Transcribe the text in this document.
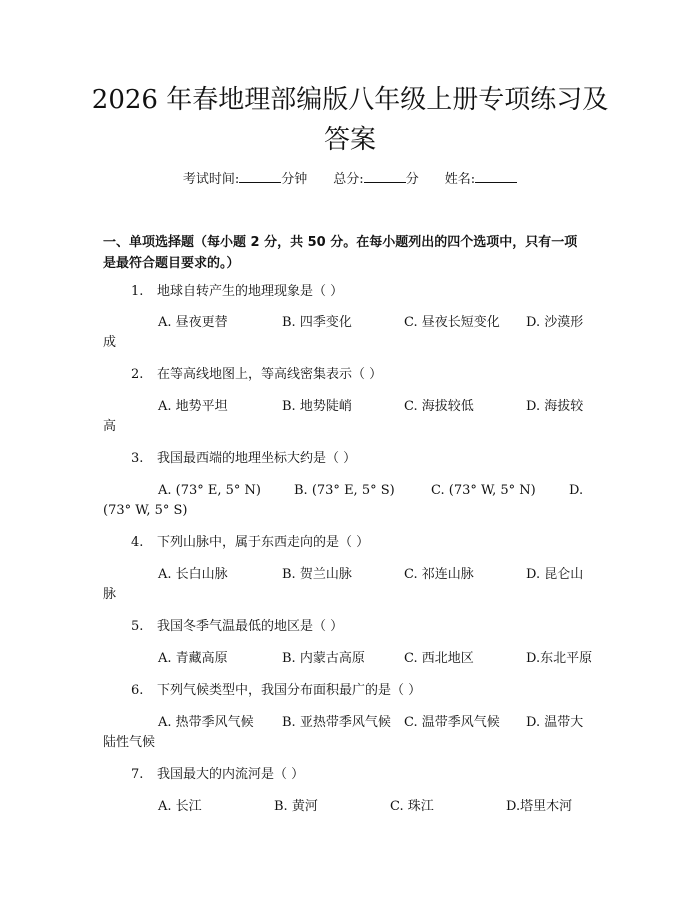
2026 年春地理部编版八年级上册专项练习及
答案
考试时间:	分钟 总分:	分 姓名:
一、单项选择题（每小题 2 分，共 50 分。在每小题列出的四个选项中，只有一项
是最符合题目要求的。）
1. 地球自转产生的地理现象是（ ）
A. 昼夜更替	B. 四季变化	C. 昼夜长短变化 D. 沙漠形
成
2. 在等高线地图上，等高线密集表示（ ）
A. 地势平坦	B. 地势陡峭	C. 海拔较低	D. 海拔较
高
3. 我国最西端的地理坐标大约是（ ）
A. (73° E, 5° N)	B. (73° E, 5° S)	C. (73° W, 5° N)	D.
(73° W, 5° S)
4. 下列山脉中，属于东西走向的是（ ）
A. 长白山脉	B. 贺兰山脉	C. 祁连山脉	D. 昆仑山
脉
5. 我国冬季气温最低的地区是（ ）
A. 青藏高原	B. 内蒙古高原	C. 西北地区	D.东北平原
6. 下列气候类型中，我国分布面积最广的是（ ）
A. 热带季风气候 B. 亚热带季风气候 C. 温带季风气候 D. 温带大
陆性气候
7. 我国最大的内流河是（ ）
A. 长江	B. 黄河	C. 珠江	D.塔里木河
